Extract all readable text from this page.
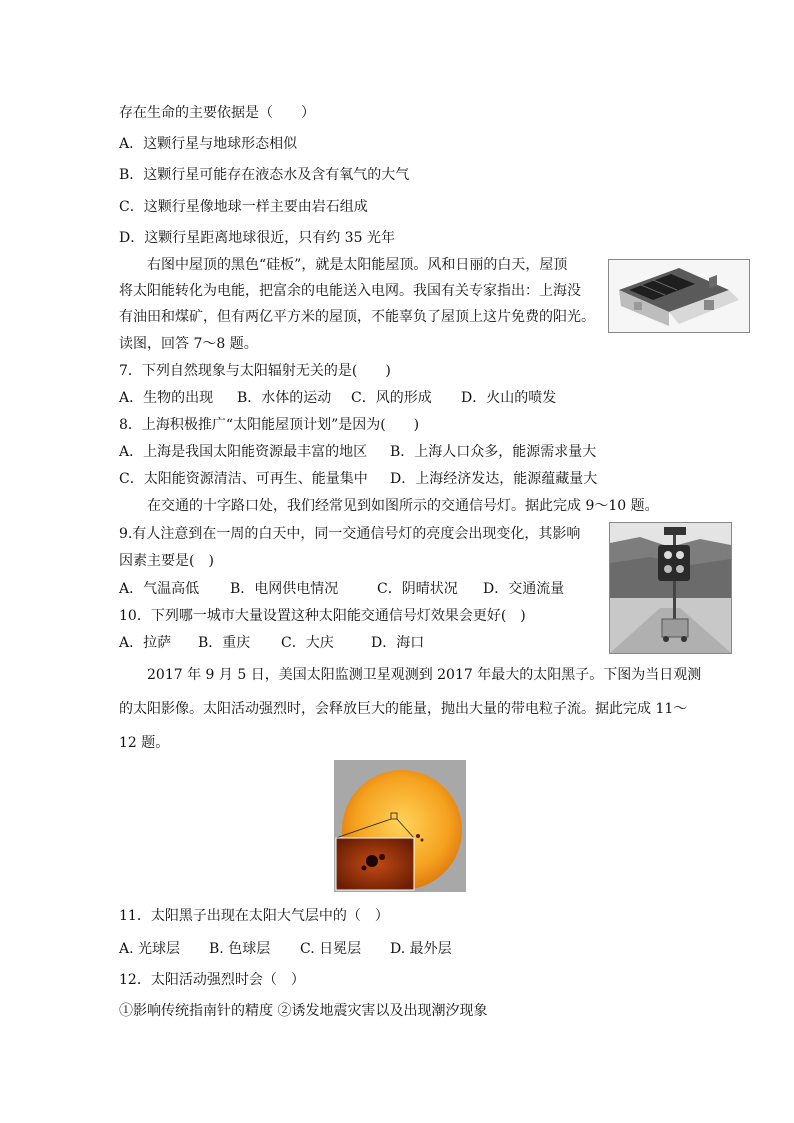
存在生命的主要依据是（　　）
A．这颗行星与地球形态相似
B．这颗行星可能存在液态水及含有氧气的大气
C．这颗行星像地球一样主要由岩石组成
D．这颗行星距离地球很近，只有约 35 光年
右图中屋顶的黑色“硅板”，就是太阳能屋顶。风和日丽的白天，屋顶
将太阳能转化为电能，把富余的电能送入电网。我国有关专家指出：上海没
有油田和煤矿，但有两亿平方米的屋顶，不能辜负了屋顶上这片免费的阳光。
读图，回答 7～8 题。
7．下列自然现象与太阳辐射无关的是(　　)
A．生物的出现 B．水体的运动 C．风的形成 D．火山的喷发
8．上海积极推广“太阳能屋顶计划”是因为(　　)
A．上海是我国太阳能资源最丰富的地区 B．上海人口众多，能源需求量大
C．太阳能资源清洁、可再生、能量集中 D．上海经济发达，能源蕴藏量大
在交通的十字路口处，我们经常见到如图所示的交通信号灯。据此完成 9～10 题。
9.有人注意到在一周的白天中，同一交通信号灯的亮度会出现变化，其影响
因素主要是(　)
A．气温高低 B．电网供电情况	C．阴晴状况 D．交通流量
10．下列哪一城市大量设置这种太阳能交通信号灯效果会更好(　)
A．拉萨 B．重庆 C．大庆	D．海口
2017 年 9 月 5 日，美国太阳监测卫星观测到 2017 年最大的太阳黑子。下图为当日观测
的太阳影像。太阳活动强烈时，会释放巨大的能量，抛出大量的带电粒子流。据此完成 11～
12 题。
11．太阳黑子出现在太阳大气层中的（　）
A. 光球层 B. 色球层 C. 日冕层 D. 最外层
12．太阳活动强烈时会（　）
①影响传统指南针的精度 ②诱发地震灾害以及出现潮汐现象
